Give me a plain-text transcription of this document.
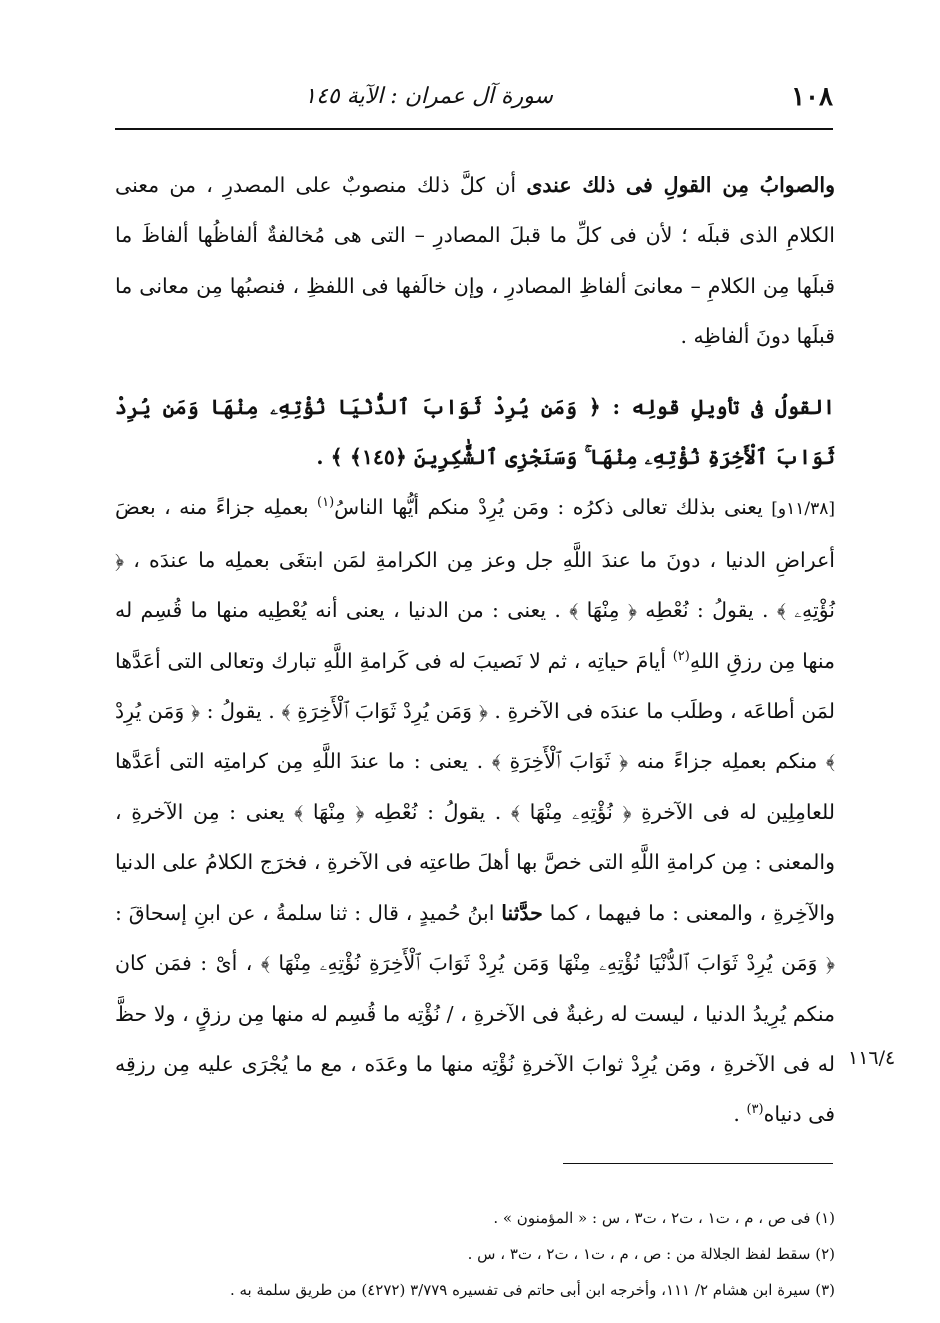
١٠٨
سورة آل عمران : الآية ١٤٥

والصوابُ مِن القولِ فى ذلك عندى أن كلَّ ذلك منصوبٌ على المصدرِ ، من معنى الكلامِ الذى قبلَه ؛ لأن فى كلِّ ما قبلَ المصادرِ – التى هى مُخالفةٌ ألفاظُها ألفاظَ ما قبلَها مِن الكلامِ – معانىَ ألفاظِ المصادرِ ، وإن خالَفها فى اللفظِ ، فنصبُها مِن معانى ما قبلَها دونَ ألفاظِه .

القولُ فى تأويلِ قولِه : ﴿ وَمَن يُرِدْ ثَوَابَ ٱلدُّنْيَا نُؤْتِهِۦ مِنْهَا وَمَن يُرِدْ ثَوَابَ ٱلْأَخِرَةِ نُؤْتِهِۦ مِنْهَا ۚ وَسَنَجْزِى ٱلشَّٰكِرِينَ ﴿١٤٥﴾ ﴾ .

[١١/٣٨و] يعنى بذلك تعالى ذكرُه : ومَن يُرِدْ منكم أيُّها الناسُ$^{(١)}$ بعملِه جزاءً منه ، بعضَ أعراضِ الدنيا ، دونَ ما عندَ اللَّهِ جل وعز مِن الكرامةِ لمَن ابتغَى بعملِه ما عندَه ، ﴿ نُؤْتِهِۦ ﴾ . يقولُ : نُعْطِه ﴿ مِنْهَا ﴾ . يعنى : من الدنيا ، يعنى أنه يُعْطِيه منها ما قُسِم له منها مِن رزقِ اللهِ$^{(٢)}$ أيامَ حياتِه ، ثم لا نَصيبَ له فى كَرامةِ اللَّهِ تبارك وتعالى التى أعَدَّها لمَن أطاعَه ، وطلَب ما عندَه فى الآخرةِ . ﴿ وَمَن يُرِدْ ثَوَابَ ٱلْأَخِرَةِ ﴾ . يقولُ : ﴿ وَمَن يُرِدْ ﴾ منكم بعملِه جزاءً منه ﴿ ثَوَابَ ٱلْأَخِرَةِ ﴾ . يعنى : ما عندَ اللَّهِ مِن كرامتِه التى أعَدَّها للعامِلِين له فى الآخرةِ ﴿ نُؤْتِهِۦ مِنْهَا ﴾ . يقولُ : نُعْطِه ﴿ مِنْهَا ﴾ يعنى : مِن الآخرةِ ، والمعنى : مِن كرامةِ اللَّهِ التى خصَّ بها أهلَ طاعتِه فى الآخرةِ ، فخرَج الكلامُ على الدنيا والآخِرةِ ، والمعنى : ما فيهما ، كما حدَّثنا ابنُ حُميدٍ ، قال : ثنا سلمةُ ، عن ابنِ إسحاقَ : ﴿ وَمَن يُرِدْ ثَوَابَ ٱلدُّنْيَا نُؤْتِهِۦ مِنْهَا وَمَن يُرِدْ ثَوَابَ ٱلْأَخِرَةِ نُؤْتِهِۦ مِنْهَا ﴾ ، أىْ : فمَن كان منكم يُرِيدُ الدنيا ، ليست له رغبةٌ فى الآخرةِ ، / نُؤْتِه ما قُسِم له منها مِن رزقٍ ، ولا حظَّ له فى الآخرةِ ، ومَن يُرِدْ ثوابَ الآخرةِ نُؤْتِه منها ما وعَدَه ، مع ما يُجْرَى عليه مِن رزقِه فى دنياه$^{(٣)}$ .

١١٦/٤

(١) فى ص ، م ، ت١ ، ت٢ ، ت٣ ، س : « المؤمنون » .

(٢) سقط لفظ الجلالة من : ص ، م ، ت١ ، ت٢ ، ت٣ ، س .

(٣) سيرة ابن هشام ٢/ ١١١، وأخرجه ابن أبى حاتم فى تفسيره ٣/٧٧٩ (٤٢٧٢) من طريق سلمة به .
